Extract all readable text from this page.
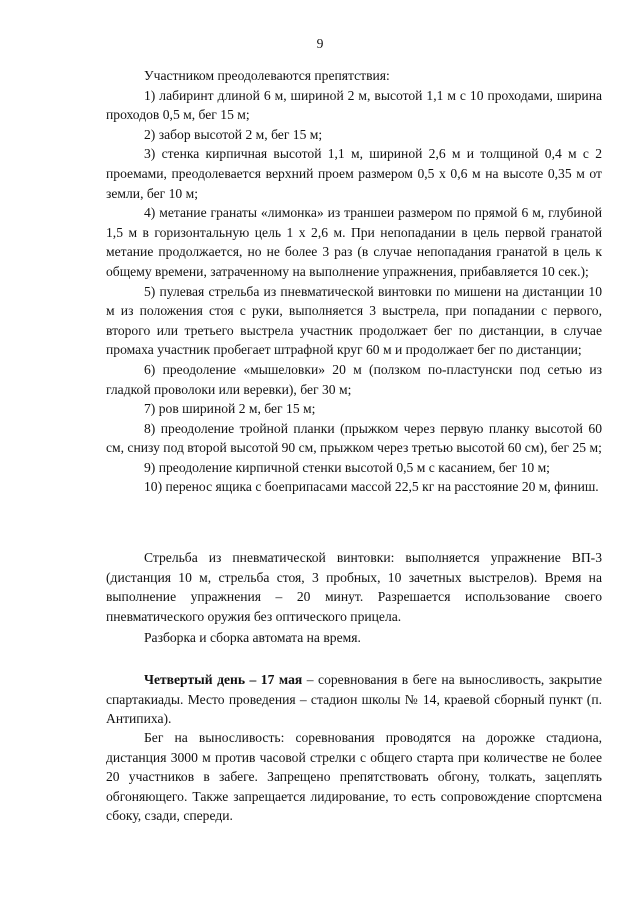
9

Участником преодолеваются препятствия:

1) лабиринт длиной 6 м, шириной 2 м, высотой 1,1 м с 10 проходами, ширина проходов 0,5 м, бег 15 м;

2) забор высотой 2 м, бег 15 м;

3) стенка кирпичная высотой 1,1 м, шириной 2,6 м и толщиной 0,4 м с 2 проемами, преодолевается верхний проем размером 0,5 х 0,6 м на высоте 0,35 м от земли, бег 10 м;

4) метание гранаты «лимонка» из траншеи размером по прямой 6 м, глубиной 1,5 м в горизонтальную цель 1 х 2,6 м. При непопадании в цель первой гранатой метание продолжается, но не более 3 раз (в случае непопадания гранатой в цель к общему времени, затраченному на выполнение упражнения, прибавляется 10 сек.);

5) пулевая стрельба из пневматической винтовки по мишени на дистанции 10 м из положения стоя с руки, выполняется 3 выстрела, при попадании с первого, второго или третьего выстрела участник продолжает бег по дистанции, в случае промаха участник пробегает штрафной круг 60 м и продолжает бег по дистанции;

6) преодоление «мышеловки» 20 м (ползком по-пластунски под сетью из гладкой проволоки или веревки), бег 30 м;

7) ров шириной 2 м, бег 15 м;

8) преодоление тройной планки (прыжком через первую планку высотой 60 см, снизу под второй высотой 90 см, прыжком через третью высотой 60 см), бег 25 м;

9) преодоление кирпичной стенки высотой 0,5 м с касанием, бег 10 м;

10) перенос ящика с боеприпасами массой 22,5 кг на расстояние 20 м, финиш.

Стрельба из пневматической винтовки: выполняется упражнение ВП-3 (дистанция 10 м, стрельба стоя, 3 пробных, 10 зачетных выстрелов). Время на выполнение упражнения – 20 минут. Разрешается использование своего пневматического оружия без оптического прицела.

Разборка и сборка автомата на время.

Четвертый день – 17 мая – соревнования в беге на выносливость, закрытие спартакиады. Место проведения – стадион школы № 14, краевой сборный пункт (п. Антипиха).

Бег на выносливость: соревнования проводятся на дорожке стадиона, дистанция 3000 м против часовой стрелки с общего старта при количестве не более 20 участников в забеге. Запрещено препятствовать обгону, толкать, зацеплять обгоняющего. Также запрещается лидирование, то есть сопровождение спортсмена сбоку, сзади, спереди.
